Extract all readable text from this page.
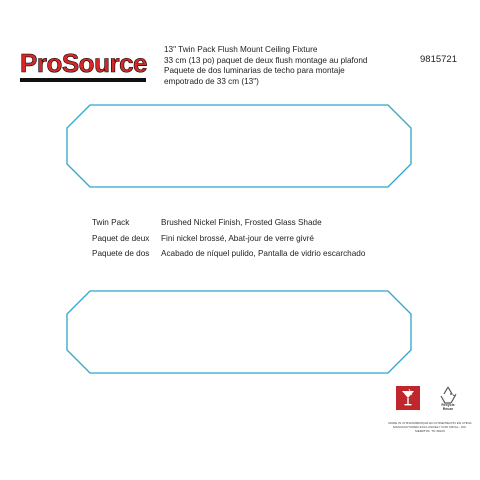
ProSource 13" Twin Pack Flush Mount Ceiling Fixture
33 cm (13 po) paquet de deux flush montage au plafond
Paquete de dos luminarias de techo para montaje
empotrado de 33 cm (13")
9815721
Twin Pack	Brushed Nickel Finish, Frosted Glass Shade
Paquet de deux Fini nickel brossé, Abat-jour de verre givré
Paquete de dos Acabado de níquel pulido, Pantalla de vidrio escarchado
Recycle
Reuse
MADE IN CHINA/FABRIQUÉ EN CHINE/HECHO EN CHINA
MANUFACTURED EXCLUSIVELY FOR CROLL, INC.
MEMPHIS, TN 38125
